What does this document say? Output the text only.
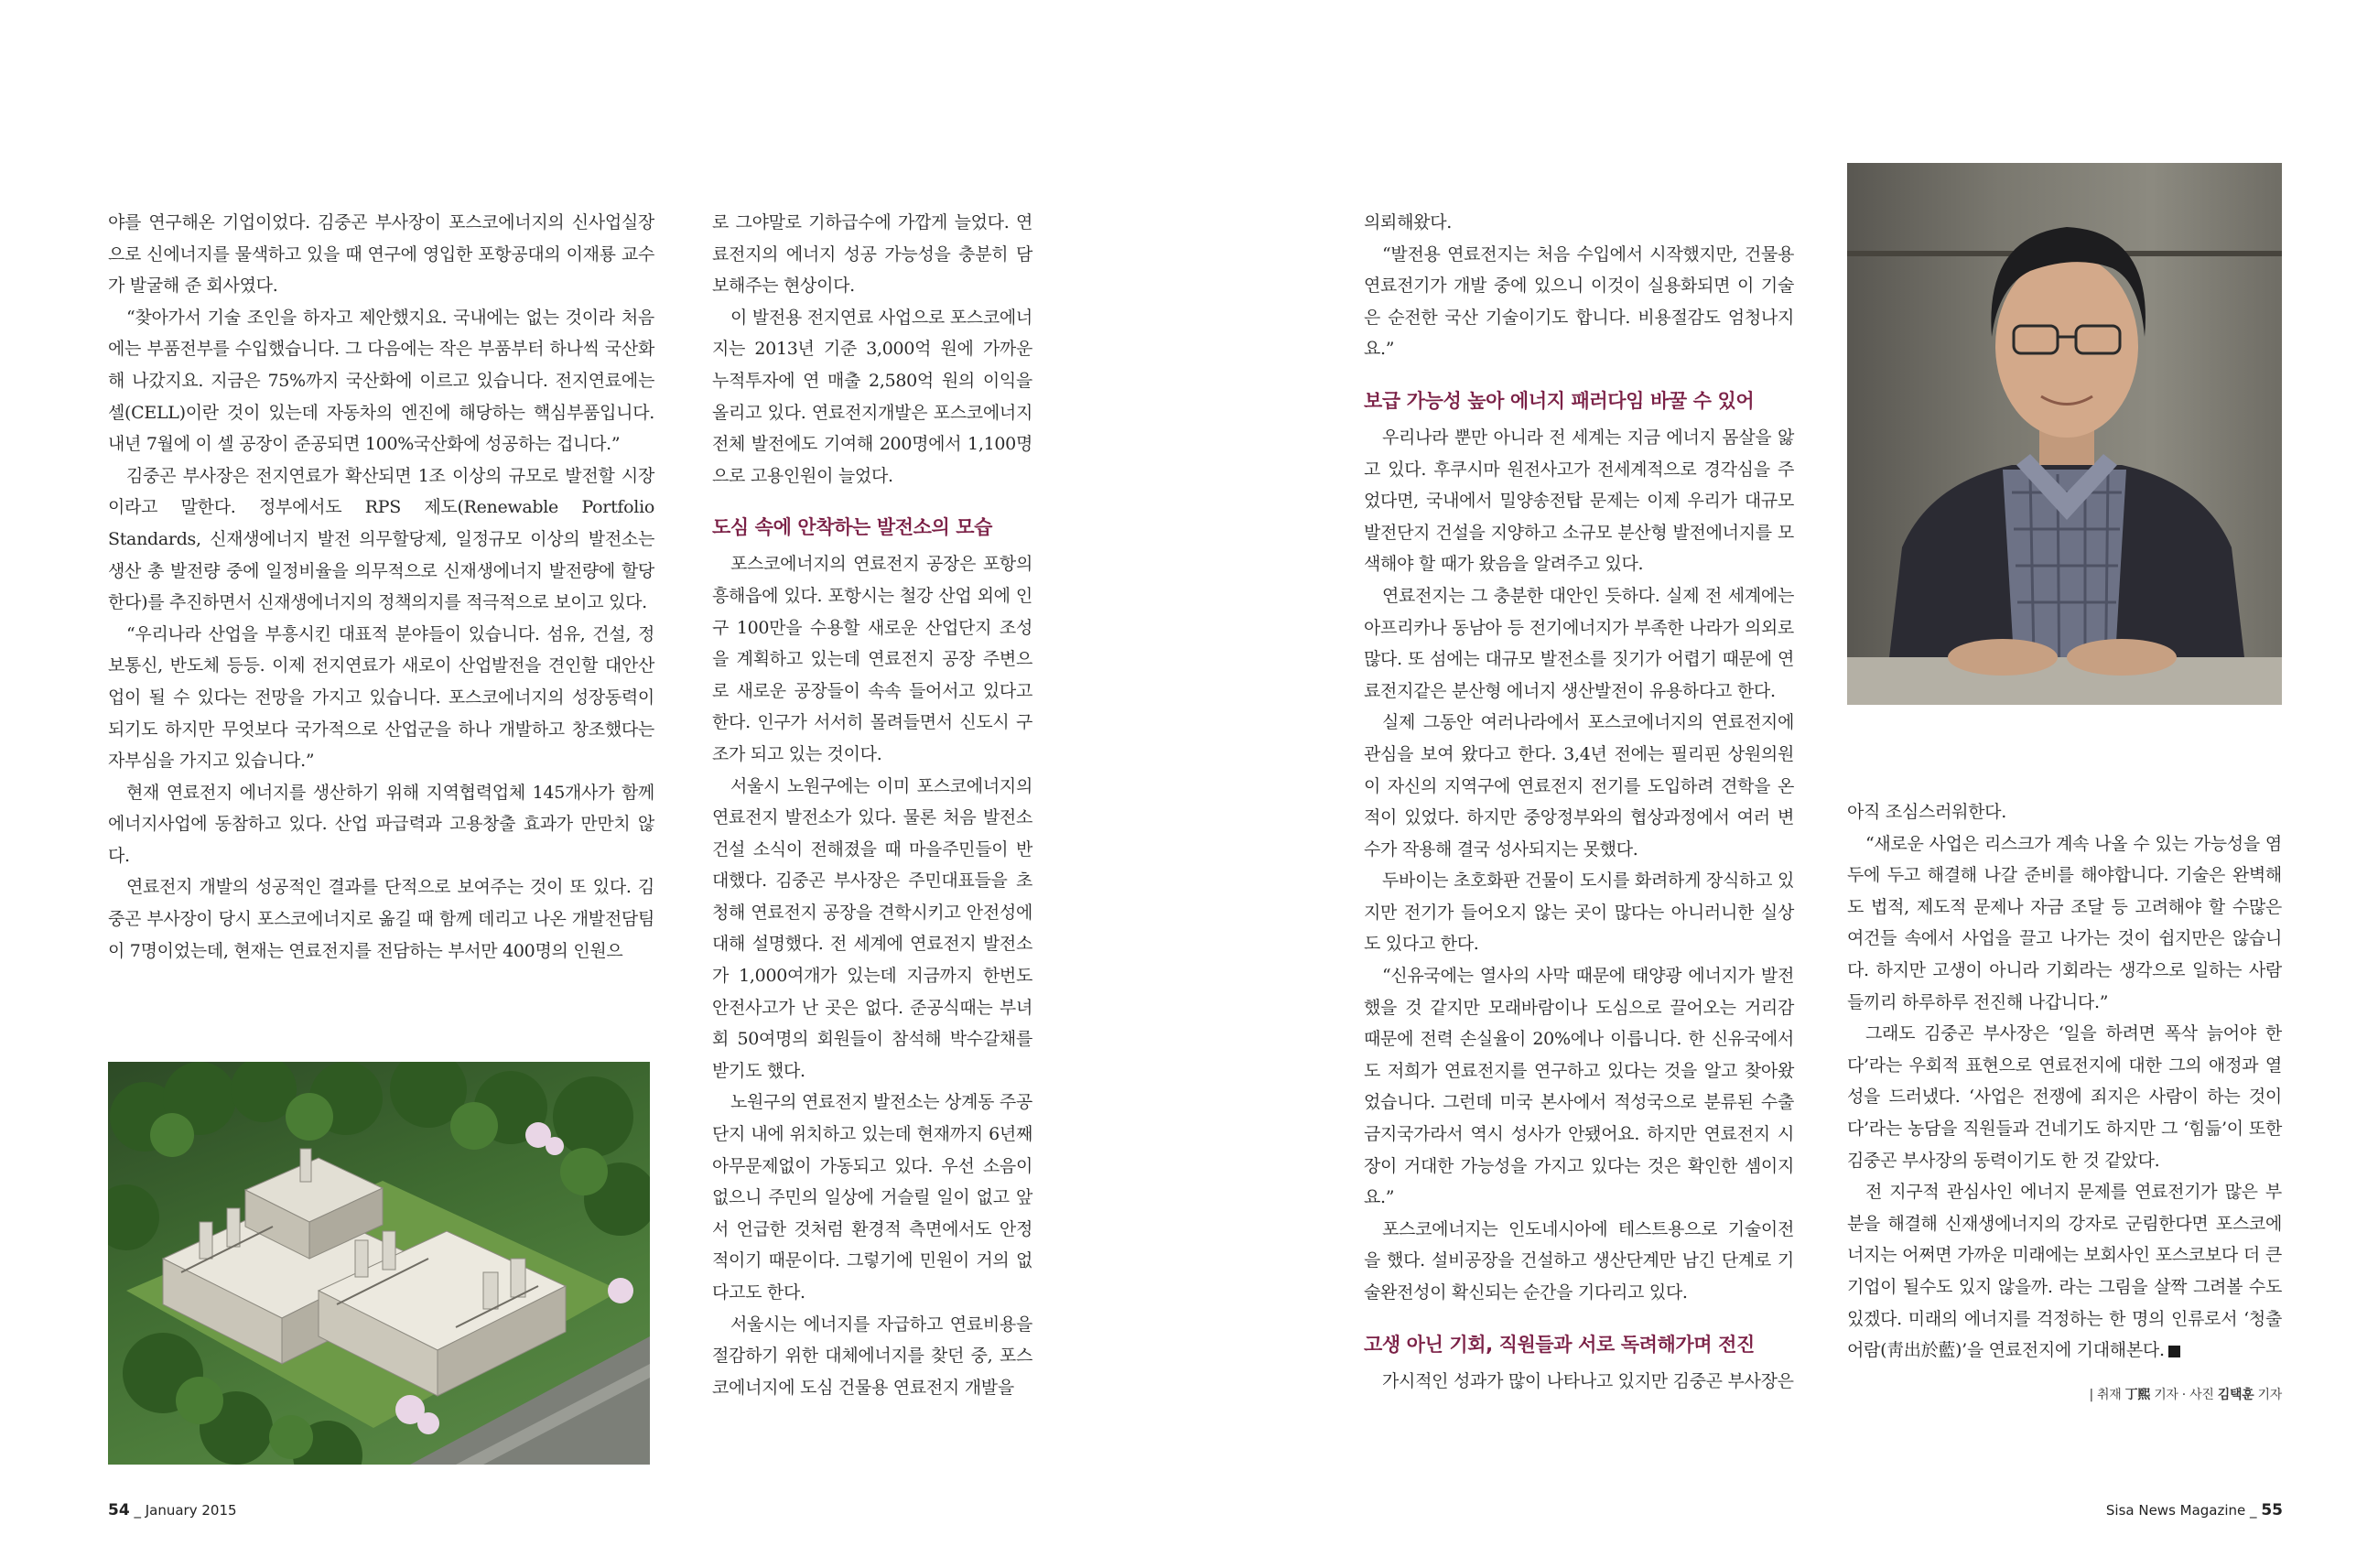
야를 연구해온 기업이었다. 김중곤 부사장이 포스코에너지의 신사업실장으로 신에너지를 물색하고 있을 때 연구에 영입한 포항공대의 이재룡 교수가 발굴해 준 회사였다.

“찾아가서 기술 조인을 하자고 제안했지요. 국내에는 없는 것이라 처음에는 부품전부를 수입했습니다. 그 다음에는 작은 부품부터 하나씩 국산화해 나갔지요. 지금은 75%까지 국산화에 이르고 있습니다. 전지연료에는 셀(CELL)이란 것이 있는데 자동차의 엔진에 해당하는 핵심부품입니다. 내년 7월에 이 셀 공장이 준공되면 100%국산화에 성공하는 겁니다.”

김중곤 부사장은 전지연료가 확산되면 1조 이상의 규모로 발전할 시장이라고 말한다. 정부에서도 RPS 제도(Renewable Portfolio Standards, 신재생에너지 발전 의무할당제, 일정규모 이상의 발전소는 생산 총 발전량 중에 일정비율을 의무적으로 신재생에너지 발전량에 할당한다)를 추진하면서 신재생에너지의 정책의지를 적극적으로 보이고 있다.

“우리나라 산업을 부흥시킨 대표적 분야들이 있습니다. 섬유, 건설, 정보통신, 반도체 등등. 이제 전지연료가 새로이 산업발전을 견인할 대안산업이 될 수 있다는 전망을 가지고 있습니다. 포스코에너지의 성장동력이 되기도 하지만 무엇보다 국가적으로 산업군을 하나 개발하고 창조했다는 자부심을 가지고 있습니다.”

현재 연료전지 에너지를 생산하기 위해 지역협력업체 145개사가 함께 에너지사업에 동참하고 있다. 산업 파급력과 고용창출 효과가 만만치 않다.

연료전지 개발의 성공적인 결과를 단적으로 보여주는 것이 또 있다. 김중곤 부사장이 당시 포스코에너지로 옮길 때 함께 데리고 나온 개발전담팀이 7명이었는데, 현재는 연료전지를 전담하는 부서만 400명의 인원으

로 그야말로 기하급수에 가깝게 늘었다. 연료전지의 에너지 성공 가능성을 충분히 담보해주는 현상이다.

이 발전용 전지연료 사업으로 포스코에너지는 2013년 기준 3,000억 원에 가까운 누적투자에 연 매출 2,580억 원의 이익을 올리고 있다. 연료전지개발은 포스코에너지 전체 발전에도 기여해 200명에서 1,100명으로 고용인원이 늘었다.

도심 속에 안착하는 발전소의 모습

포스코에너지의 연료전지 공장은 포항의 흥해읍에 있다. 포항시는 철강 산업 외에 인구 100만을 수용할 새로운 산업단지 조성을 계획하고 있는데 연료전지 공장 주변으로 새로운 공장들이 속속 들어서고 있다고 한다. 인구가 서서히 몰려들면서 신도시 구조가 되고 있는 것이다.

서울시 노원구에는 이미 포스코에너지의 연료전지 발전소가 있다. 물론 처음 발전소 건설 소식이 전해졌을 때 마을주민들이 반대했다. 김중곤 부사장은 주민대표들을 초청해 연료전지 공장을 견학시키고 안전성에 대해 설명했다. 전 세계에 연료전지 발전소가 1,000여개가 있는데 지금까지 한번도 안전사고가 난 곳은 없다. 준공식때는 부녀회 50여명의 회원들이 참석해 박수갈채를 받기도 했다.

노원구의 연료전지 발전소는 상계동 주공단지 내에 위치하고 있는데 현재까지 6년째 아무문제없이 가동되고 있다. 우선 소음이 없으니 주민의 일상에 거슬릴 일이 없고 앞서 언급한 것처럼 환경적 측면에서도 안정적이기 때문이다. 그렇기에 민원이 거의 없다고도 한다.

서울시는 에너지를 자급하고 연료비용을 절감하기 위한 대체에너지를 찾던 중, 포스코에너지에 도심 건물용 연료전지 개발을

의뢰해왔다.

“발전용 연료전지는 처음 수입에서 시작했지만, 건물용 연료전기가 개발 중에 있으니 이것이 실용화되면 이 기술은 순전한 국산 기술이기도 합니다. 비용절감도 엄청나지요.”

보급 가능성 높아 에너지 패러다임 바꿀 수 있어

우리나라 뿐만 아니라 전 세계는 지금 에너지 몸살을 앓고 있다. 후쿠시마 원전사고가 전세계적으로 경각심을 주었다면, 국내에서 밀양송전탑 문제는 이제 우리가 대규모 발전단지 건설을 지양하고 소규모 분산형 발전에너지를 모색해야 할 때가 왔음을 알려주고 있다.

연료전지는 그 충분한 대안인 듯하다. 실제 전 세계에는 아프리카나 동남아 등 전기에너지가 부족한 나라가 의외로 많다. 또 섬에는 대규모 발전소를 짓기가 어렵기 때문에 연료전지같은 분산형 에너지 생산발전이 유용하다고 한다.

실제 그동안 여러나라에서 포스코에너지의 연료전지에 관심을 보여 왔다고 한다. 3,4년 전에는 필리핀 상원의원이 자신의 지역구에 연료전지 전기를 도입하려 견학을 온 적이 있었다. 하지만 중앙정부와의 협상과정에서 여러 변수가 작용해 결국 성사되지는 못했다.

두바이는 초호화판 건물이 도시를 화려하게 장식하고 있지만 전기가 들어오지 않는 곳이 많다는 아니러니한 실상도 있다고 한다.

“신유국에는 열사의 사막 때문에 태양광 에너지가 발전했을 것 같지만 모래바람이나 도심으로 끌어오는 거리감 때문에 전력 손실율이 20%에나 이릅니다. 한 신유국에서도 저희가 연료전지를 연구하고 있다는 것을 알고 찾아왔었습니다. 그런데 미국 본사에서 적성국으로 분류된 수출금지국가라서 역시 성사가 안됐어요. 하지만 연료전지 시장이 거대한 가능성을 가지고 있다는 것은 확인한 셈이지요.”

포스코에너지는 인도네시아에 테스트용으로 기술이전을 했다. 설비공장을 건설하고 생산단계만 남긴 단계로 기술완전성이 확신되는 순간을 기다리고 있다.

고생 아닌 기회, 직원들과 서로 독려해가며 전진

가시적인 성과가 많이 나타나고 있지만 김중곤 부사장은

아직 조심스러워한다.

“새로운 사업은 리스크가 계속 나올 수 있는 가능성을 염두에 두고 해결해 나갈 준비를 해야합니다. 기술은 완벽해도 법적, 제도적 문제나 자금 조달 등 고려해야 할 수많은 여건들 속에서 사업을 끌고 나가는 것이 쉽지만은 않습니다. 하지만 고생이 아니라 기회라는 생각으로 일하는 사람들끼리 하루하루 전진해 나갑니다.”

그래도 김중곤 부사장은 ‘일을 하려면 폭삭 늙어야 한다’라는 우회적 표현으로 연료전지에 대한 그의 애정과 열성을 드러냈다. ‘사업은 전쟁에 죄지은 사람이 하는 것이다’라는 농담을 직원들과 건네기도 하지만 그 ‘힘듦’이 또한 김중곤 부사장의 동력이기도 한 것 같았다.

전 지구적 관심사인 에너지 문제를 연료전기가 많은 부분을 해결해 신재생에너지의 강자로 군림한다면 포스코에너지는 어쩌면 가까운 미래에는 보회사인 포스코보다 더 큰 기업이 될수도 있지 않을까. 라는 그림을 살짝 그려볼 수도 있겠다. 미래의 에너지를 걱정하는 한 명의 인류로서 ‘청출어람(靑出於藍)’을 연료전지에 기대해본다. S

| 취재 丁熙 기자 · 사진 김택훈 기자

54 _ January 2015	Sisa News Magazine _ 55
